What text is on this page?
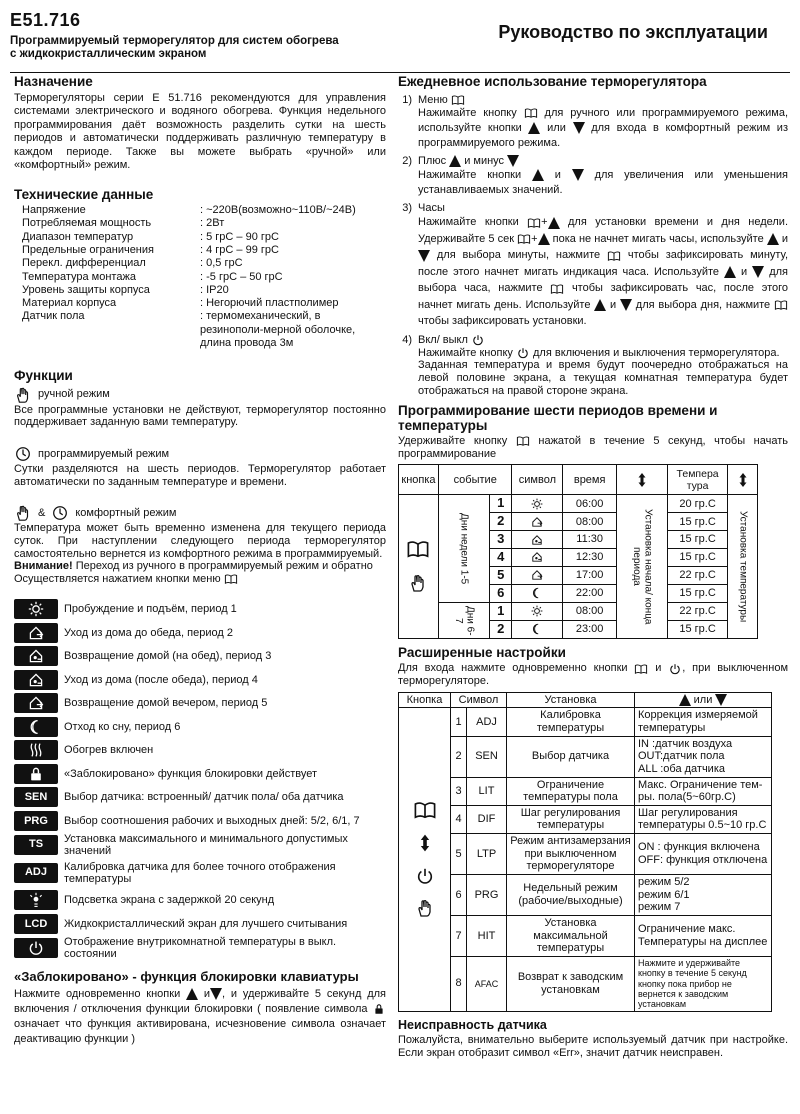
E51.716
Программируемый терморегулятор для систем обогрева
с жидкокристаллическим экраном
Руководство по эксплуатации
Назначение

Терморегуляторы серии Е 51.716 рекомендуются для управления системами электрического и водяного обогрева. Функция недельного программирования даёт возможность разделить сутки на шесть периодов и автоматически поддерживать различную температуру в каждом периоде. Также вы можете выбрать «ручной» или «комфортный» режим.

Технические данные
Напряжение	: ~220В(возможно~110В/~24В)
Потребляемая мощность	: 2Вт
Диапазон температур	: 5 грС – 90 грС
Предельные ограничения	: 4 грС – 99 грС
Перекл. дифференциал	: 0,5 грС
Температура монтажа	: -5 грС – 50 грС
Уровень защиты корпуса	: IP20
Материал корпуса	: Негорючий пластполимер
Датчик пола	: термомеханический, в резинополи-мерной оболочке, длина провода 3м
Функции
ручной режим

Все программные установки не действуют, терморегулятор постоянно поддерживает заданную вами температуру.

программируемый режим

Сутки разделяются на шесть периодов. Терморегулятор работает автоматически по заданным температуре и времени.

&	комфортный режим

Температура может быть временно изменена для текущего периода суток. При наступлении следующего периода терморегулятор самостоятельно вернется из комфортного режима в программируемый.

Внимание! Переход из ручного в программируемый режим и обратно

Осуществляется нажатием кнопки меню

Пробуждение и подъём, период 1
Уход из дома до обеда, период 2
Возвращение домой (на обед), период 3
Уход из дома (после обеда), период 4
Возвращение домой вечером, период 5
Отход ко сну, период 6
Обогрев включен
«Заблокировано» функция блокировки действует
SEN Выбор датчика: встроенный/ датчик пола/ оба датчика
PRG Выбор соотношения рабочих и выходных дней: 5/2, 6/1, 7
TS Установка максимального и минимального допустимых значений
ADJ Калибровка датчика для более точного отображения температуры
Подсветка экрана с задержкой 20 секунд
LCD Жидкокристаллический экран для лучшего считывания
Отображение внутрикомнатной температуры в выкл. состоянии
«Заблокировано» - функция блокировки клавиатуры

Нажмите одновременно кнопки  и , и удерживайте 5 секунд для включения / отключения функции блокировки ( появление символа  означает что функция активирована, исчезновение символа означает деактивацию функции )

Ежедневное использование терморегулятора
1) Меню

Нажимайте кнопку	для ручного или программируемого режима, используйте кнопки или для входа в комфортный режим из программируемого режима.

2) Плюс и минус

Нажимайте кнопки	и	для увеличения или уменьшения устанавливаемых значений.

3) Часы

Нажимайте кнопки + для установки времени и дня недели. Удерживайте 5 сек + пока не начнет мигать часы, используйте  и  для выбора минуты, нажмите	чтобы зафиксировать минуту, после этого начнет мигать индикация часа. Используйте  и  для выбора часа, нажмите	чтобы зафиксировать час, после этого начнет мигать день. Используйте  и  для выбора дня, нажмите  чтобы зафиксировать установки.

4) Вкл/ выкл

Нажимайте кнопку для включения и выключения терморегулятора.

Заданная температура и время будут поочередно отображаться на левой половине экрана, а текущая комнатная температура будет отображаться на правой стороне экрана.

Программирование шести периодов времени и температуры

Удерживайте кнопку	нажатой в течение 5 секунд, чтобы начать программирование

кнопка	событие		символ	время		Темпера тура	

	Дни недели 1-5	1		06:00	Установка начала/ конца периода	20 гр.С	Установка температуры
		2		08:00		15 гр.С	
		3		11:30		15 гр.С	
		4		12:30		15 гр.С	
		5		17:00		22 гр.С	
		6		22:00		15 гр.С	
	Дни 6-7	1		08:00		22 гр.С	
		2		23:00		15 гр.С	
Расширенные настройки

Для входа нажмите одновременно кнопки  и , при выключенном терморегуляторе.

Кнопка	Символ		Установка	или

	1	ADJ	Калибровка температуры	Коррекция измеряемой температуры
	2	SEN	Выбор датчика	IN :датчик воздуха
OUT:датчик пола
ALL :оба датчика
	3	LIT	Ограничение температуры пола	Макс. Ограничение тем-ры. пола(5~60гр.С)
	4	DIF	Шаг регулирования температуры	Шаг регулирования температуры 0.5~10 гр.С
	5	LTP	Режим антизамерзания при выключенном терморегуляторе	ON : функция включена
OFF: функция отключена
	6	PRG	Недельный режим (рабочие/выходные)	режим 5/2
режим 6/1
режим 7
	7	HIT	Установка максимальной температуры	Ограничение макс. Температуры на дисплее
	8	AFAC	Возврат к заводским установкам	Нажмите и удерживайте кнопку в течение 5 секунд кнопку пока прибор не вернется к заводским установкам
Неисправность датчика

Пожалуйста, внимательно выберите используемый датчик при настройке. Если экран отобразит символ «Err», значит датчик неисправен.
